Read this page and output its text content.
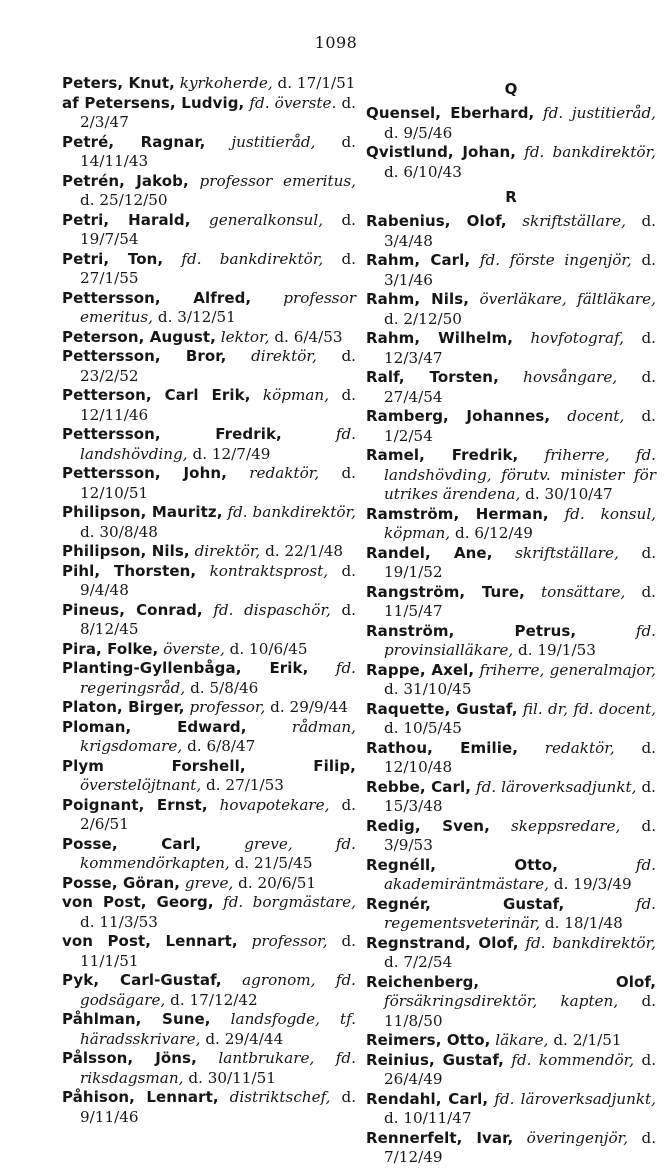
1098
Peters, Knut, kyrkoherde, d. 17/1/51
af Petersens, Ludvig, fd. överste. d. 2/3/47
Petré, Ragnar, justitieråd, d. 14/11/43
Petrén, Jakob, professor emeritus, d. 25/12/50
Petri, Harald, generalkonsul, d. 19/7/54
Petri, Ton, fd. bankdirektör, d. 27/1/55
Pettersson, Alfred, professor emeritus, d. 3/12/51
Peterson, August, lektor, d. 6/4/53
Pettersson, Bror, direktör, d. 23/2/52
Petterson, Carl Erik, köpman, d. 12/11/46
Pettersson, Fredrik,	fd. landshövding, d. 12/7/49
Pettersson, John, redaktör, d. 12/10/51
Philipson, Mauritz, fd. bankdirektör, d. 30/8/48
Philipson, Nils, direktör, d. 22/1/48
Pihl, Thorsten, kontraktsprost, d. 9/4/48
Pineus, Conrad, fd. dispaschör, d. 8/12/45
Pira, Folke, överste, d. 10/6/45
Planting-Gyllenbåga, Erik, fd. regeringsråd, d. 5/8/46
Platon, Birger, professor, d. 29/9/44
Ploman, Edward,	rådman, krigsdomare, d. 6/8/47
Plym Forshell, Filip, överstelöjtnant, d. 27/1/53
Poignant, Ernst, hovapotekare, d. 2/6/51
Posse, Carl,	greve, fd. kommendörkapten, d. 21/5/45
Posse, Göran, greve, d. 20/6/51
von Post, Georg, fd. borgmästare, d. 11/3/53
von Post, Lennart, professor, d. 11/1/51
Pyk, Carl-Gustaf, agronom, fd. godsägare, d. 17/12/42
Påhlman, Sune, landsfogde, tf. häradsskrivare, d. 29/4/44
Pålsson, Jöns, lantbrukare, fd. riksdagsman, d. 30/11/51
Påhison, Lennart, distriktschef, d. 9/11/46
Q
Quensel, Eberhard, fd. justitieråd, d. 9/5/46
Qvistlund, Johan, fd. bankdirektör, d. 6/10/43
R
Rabenius, Olof, skriftställare, d. 3/4/48
Rahm, Carl, fd. förste ingenjör, d. 3/1/46
Rahm, Nils, överläkare, fältläkare, d. 2/12/50
Rahm, Wilhelm, hovfotograf, d. 12/3/47
Ralf, Torsten, hovsångare, d. 27/4/54
Ramberg, Johannes, docent, d. 1/2/54
Ramel, Fredrik, friherre, fd. landshövding, förutv. minister för utrikes ärendena, d. 30/10/47
Ramström, Herman, fd. konsul, köpman, d. 6/12/49
Randel, Ane, skriftställare, d. 19/1/52
Rangström, Ture, tonsättare, d. 11/5/47
Ranström, Petrus,	fd. provinsialläkare, d. 19/1/53
Rappe, Axel, friherre, generalmajor, d. 31/10/45
Raquette, Gustaf, fil. dr, fd. docent, d. 10/5/45
Rathou, Emilie, redaktör, d. 12/10/48
Rebbe, Carl, fd. läroverksadjunkt, d. 15/3/48
Redig, Sven, skeppsredare, d. 3/9/53
Regnéll, Otto,	fd. akademiräntmästare, d. 19/3/49
Regnér, Gustaf,	fd. regementsveterinär, d. 18/1/48
Regnstrand, Olof, fd. bankdirektör, d. 7/2/54
Reichenberg, Olof, försäkringsdirektör, kapten, d. 11/8/50
Reimers, Otto, läkare, d. 2/1/51
Reinius, Gustaf, fd. kommendör, d. 26/4/49
Rendahl, Carl, fd. läroverksadjunkt, d. 10/11/47
Rennerfelt, Ivar, överingenjör, d. 7/12/49
